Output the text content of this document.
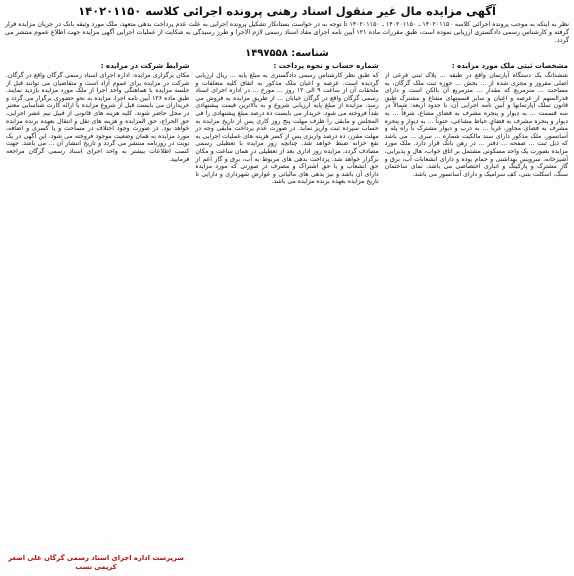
آگهی مزایده مال غیر منقول اسناد رهنی پرونده اجرائی کلاسه ۱۴۰۲۰۱۱۵۰
نظر به اینکه به موجب پرونده اجرائی کلاسه ۱۴۰۲۰۱۱۵۰ ـ ۱۴۰۲۰۱۱۵۰ ـ ۱۴۰۲۰۱۱۵۰ تا توجه به در خواست بستانکار تشکیل پرونده اجرایی به علت عدم پرداخت بدهی متعهد، ملک مورد وثیقه بانک در جریان مزایده قرار گرفته و کارشناس رسمی دادگستری ارزیابی نموده است، طبق مقررات ماده ۱۲۱ آیین نامه اجرای مفاد اسناد رسمی لازم الاجرا و طرز رسیدگی به شکایت از عملیات اجرایی آگهی مزایده جهت اطلاع عموم منتشر می گردد.
شناسه: ۱۴۹۷۵۵۸
مشخصات ثبتی ملک مورد مزایده :

ششدانگ یک دستگاه آپارتمان واقع در طبقه ... پلاک ثبتی فرعی از اصلی مفروز و مجزی شده از ... بخش ... حوزه ثبت ملک گرگان، به مساحت ... مترمربع که مقدار ... مترمربع آن بالکن است و دارای قدرالسهم از عرصه و اعیان و سایر قسمتهای مشاع و مشترک طبق قانون تملک آپارتمانها و آیین نامه اجرایی آن، با حدود اربعه: شمالاً در سه قسمت ... به دیوار و پنجره مشرف به فضای مشاع، شرقاً ... به دیوار و پنجره مشرف به فضای حیاط مشاعی، جنوباً ... به دیوار و پنجره مشرف به فضای مجاور، غرباً ... به درب و دیوار مشترک با راه پله و آسانسور. ملک مذکور دارای سند مالکیت شماره ... سری ... می باشد که ذیل ثبت ... صفحه ... دفتر ... در رهن بانک قرار دارد. ملک مورد مزایده بصورت یک واحد مسکونی مشتمل بر اتاق خواب، هال و پذیرایی، آشپزخانه، سرویس بهداشتی و حمام بوده و دارای انشعابات آب، برق و گاز مشترک و پارکینگ و انباری اختصاصی می باشد. نمای ساختمان سنگ، اسکلت بتنی، کف سرامیک و دارای آسانسور می باشد.

شماره حساب و نحوه پرداخت :

که طبق نظر کارشناس رسمی دادگستری به مبلغ پایه ... ریال ارزیابی گردیده است. عرصه و اعیان ملک مذکور به اتفاق کلیه متعلقات و ملحقات آن از ساعت ۹ الی ۱۲ روز ... مورخ ... در اداره اجرای اسناد رسمی گرگان واقع در گرگان خیابان ... از طریق مزایده به فروش می رسد. مزایده از مبلغ پایه ارزیابی شروع و به بالاترین قیمت پیشنهادی نقداً فروخته می شود. خریدار می بایست ده درصد مبلغ پیشنهادی را فی المجلس و مابقی را ظرف مهلت پنج روز کاری پس از تاریخ مزایده به حساب سپرده ثبت واریز نماید. در صورت عدم پرداخت مابقی وجه در مهلت مقرر، ده درصد واریزی پس از کسر هزینه های عملیات اجرایی به نفع خزانه ضبط خواهد شد. چنانچه روز مزایده با تعطیلی رسمی مصادف گردد، مزایده روز اداری بعد از تعطیلی در همان ساعت و مکان برگزار خواهد شد. پرداخت بدهی های مربوط به آب، برق و گاز اعم از حق انشعاب و یا حق اشتراک و مصرف در صورتی که مورد مزایده دارای آن باشد و نیز بدهی های مالیاتی و عوارض شهرداری و دارایی تا تاریخ مزایده بعهده برنده مزایده می باشد.

شرایط شرکت در مزایده :

مکان برگزاری مزایده: اداره اجرای اسناد رسمی گرگان واقع در گرگان. شرکت در مزایده برای عموم آزاد است و متقاضیان می توانند قبل از جلسه مزایده با هماهنگی واحد اجرا از ملک مورد مزایده بازدید نمایند. طبق ماده ۱۲۶ آیین نامه اجرا، مزایده به نحو حضوری برگزار می گردد و خریداران می بایست قبل از شروع مزایده با ارائه کارت شناسایی معتبر در محل حاضر شوند. کلیه هزینه های قانونی از قبیل نیم عشر اجرایی، حق الحراج، حق المزایده و هزینه های نقل و انتقال بعهده برنده مزایده خواهد بود. در صورت وجود اختلاف در مساحت و یا کسری و اضافه، مورد مزایده به همان وضعیت موجود فروخته می شود. این آگهی در یک نوبت در روزنامه منتشر می گردد و تاریخ انتشار آن ... می باشد. جهت کسب اطلاعات بیشتر به واحد اجرای اسناد رسمی گرگان مراجعه فرمایید.

سرپرست اداره اجرای اسناد رسمی گرگان علی اصغر کریمی نسب
